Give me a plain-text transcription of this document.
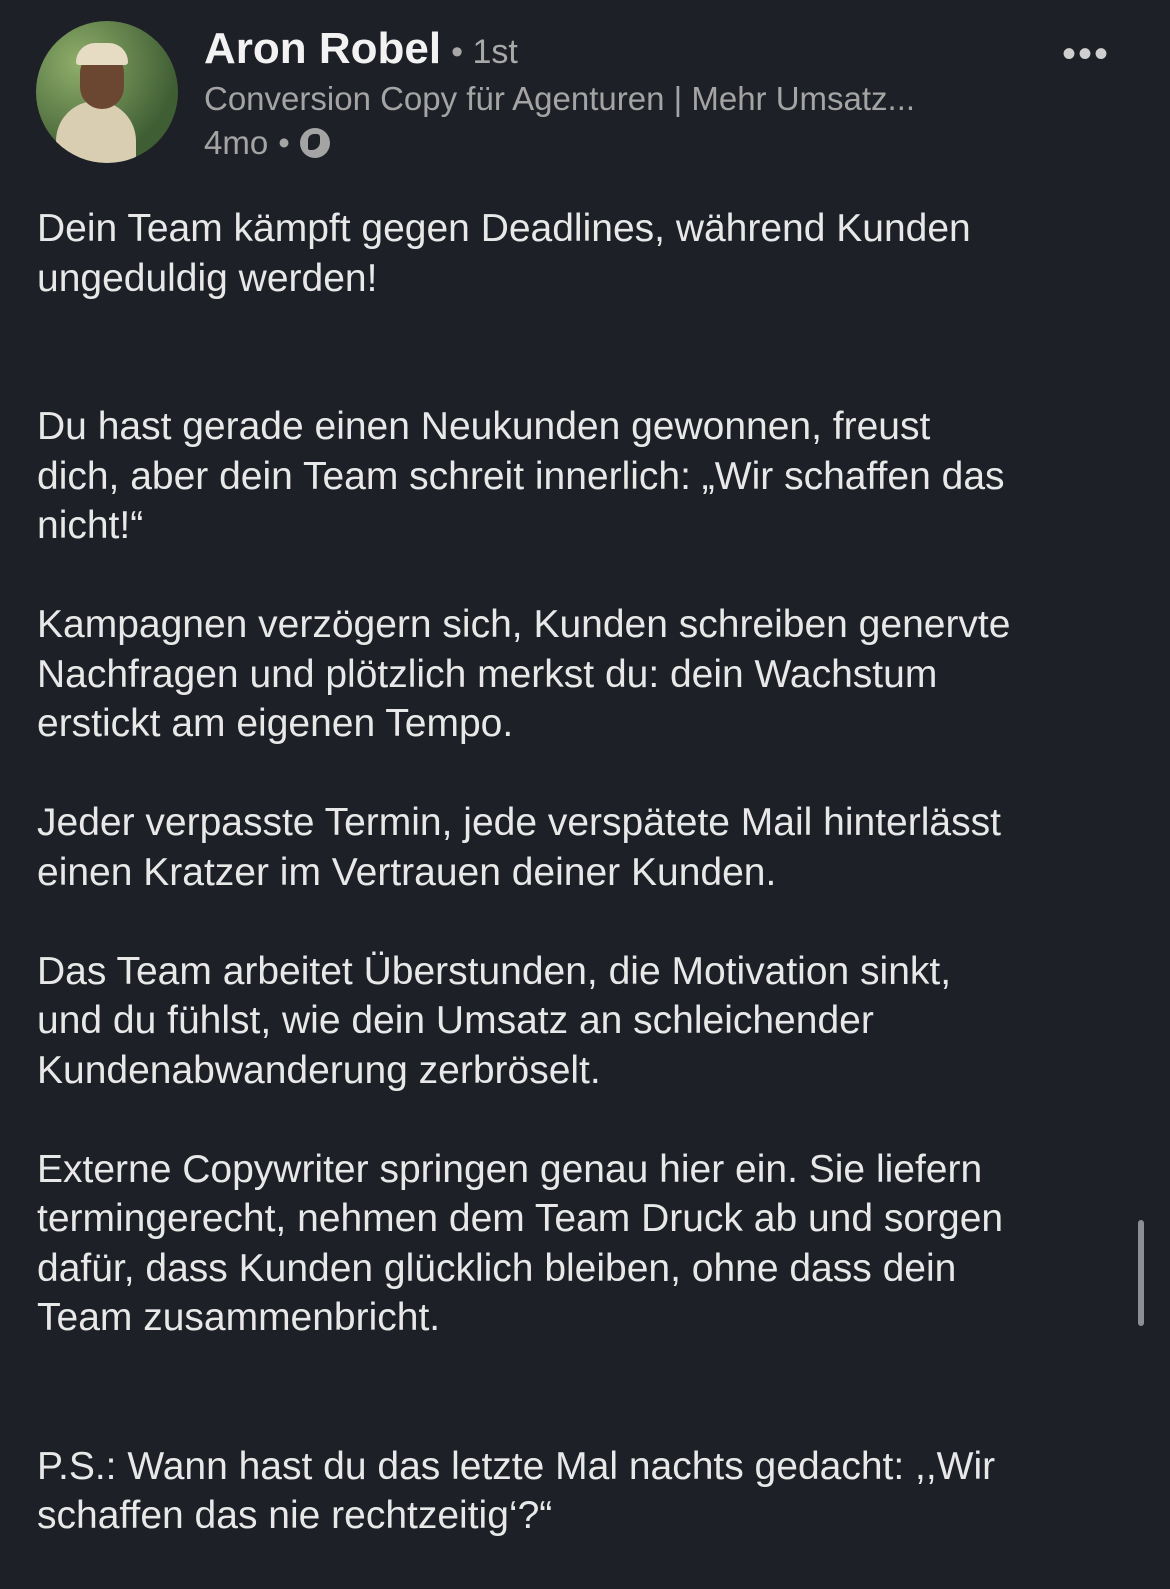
Aron Robel • 1st
Conversion Copy für Agenturen | Mehr Umsatz...
4mo •
•••
Dein Team kämpft gegen Deadlines, während Kunden
ungeduldig werden!
Du hast gerade einen Neukunden gewonnen, freust
dich, aber dein Team schreit innerlich: „Wir schaffen das
nicht!“
Kampagnen verzögern sich, Kunden schreiben genervte
Nachfragen und plötzlich merkst du: dein Wachstum
erstickt am eigenen Tempo.
Jeder verpasste Termin, jede verspätete Mail hinterlässt
einen Kratzer im Vertrauen deiner Kunden.
Das Team arbeitet Überstunden, die Motivation sinkt,
und du fühlst, wie dein Umsatz an schleichender
Kundenabwanderung zerbröselt.
Externe Copywriter springen genau hier ein. Sie liefern
termingerecht, nehmen dem Team Druck ab und sorgen
dafür, dass Kunden glücklich bleiben, ohne dass dein
Team zusammenbricht.
P.S.: Wann hast du das letzte Mal nachts gedacht: ,,Wir
schaffen das nie rechtzeitig‘?“
